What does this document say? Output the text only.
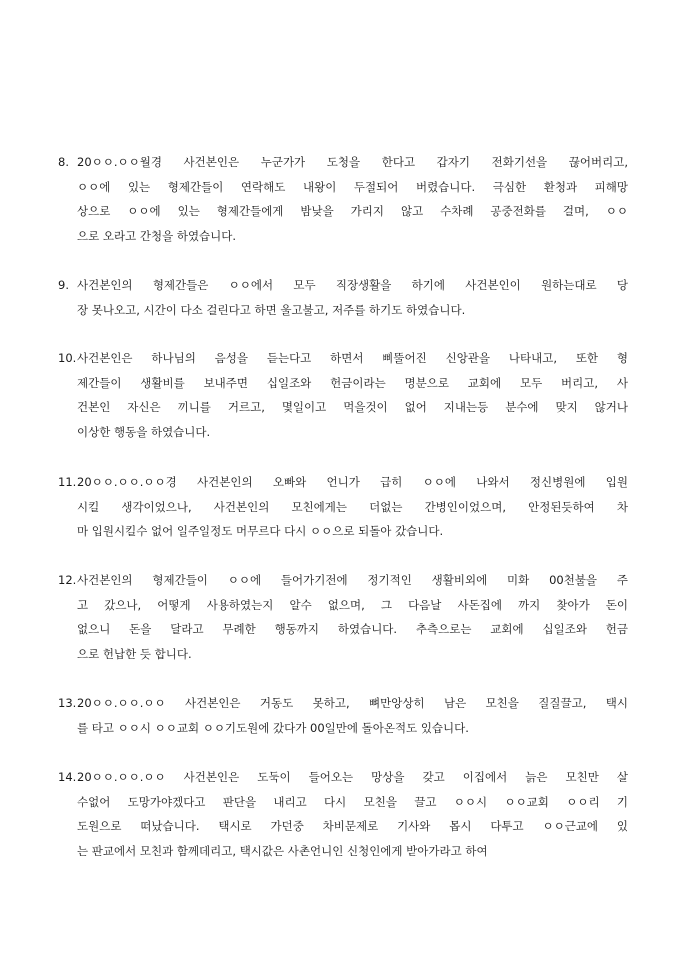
8. 20ㅇㅇ.ㅇㅇ월경 사건본인은 누군가가 도청을 한다고 갑자기 전화기선을 끊어버리고,
ㅇㅇ에 있는 형제간들이 연락해도 내왕이 두절되어 버렸습니다. 극심한 환청과 피해망
상으로 ㅇㅇ에 있는 형제간들에게 밤낮을 가리지 않고 수차례 공중전화를 걸며, ㅇㅇ
으로 오라고 간청을 하였습니다.
9. 사건본인의 형제간들은 ㅇㅇ에서 모두 직장생활을 하기에 사건본인이 원하는대로 당
장 못나오고, 시간이 다소 걸린다고 하면 울고불고, 저주를 하기도 하였습니다.
10. 사건본인은 하나님의 음성을 듣는다고 하면서 삐뚤어진 신앙관을 나타내고, 또한 형
제간들이 생활비를 보내주면 십일조와 헌금이라는 명분으로 교회에 모두 버리고, 사
건본인 자신은 끼니를 거르고, 몇일이고 먹을것이 없어 지내는등 분수에 맞지 않거나
이상한 행동을 하였습니다.
11. 20ㅇㅇ.ㅇㅇ.ㅇㅇ경 사건본인의 오빠와 언니가 급히 ㅇㅇ에 나와서 정신병원에 입원
시킬 생각이었으나, 사건본인의 모친에게는 더없는 간병인이었으며, 안정된듯하여 차
마 입원시킬수 없어 일주일정도 머무르다 다시 ㅇㅇ으로 되돌아 갔습니다.
12. 사건본인의 형제간들이 ㅇㅇ에 들어가기전에 정기적인 생활비외에 미화 00천불을 주
고 갔으나, 어떻게 사용하였는지 알수 없으며, 그 다음날 사돈집에 까지 찾아가 돈이
없으니 돈을 달라고 무례한 행동까지 하였습니다. 추측으로는 교회에 십일조와 헌금
으로 헌납한 듯 합니다.
13. 20ㅇㅇ.ㅇㅇ.ㅇㅇ 사건본인은 거동도 못하고, 뼈만앙상히 남은 모친을 질질끌고, 택시
를 타고 ㅇㅇ시 ㅇㅇ교회 ㅇㅇ기도원에 갔다가 00일만에 돌아온적도 있습니다.
14. 20ㅇㅇ.ㅇㅇ.ㅇㅇ 사건본인은 도둑이 들어오는 망상을 갖고 이집에서 늙은 모친만 살
수없어 도망가야겠다고 판단을 내리고 다시 모친을 끌고 ㅇㅇ시 ㅇㅇ교회 ㅇㅇ리 기
도원으로 떠났습니다. 택시로 가던중 차비문제로 기사와 몹시 다투고 ㅇㅇ근교에 있
는 판교에서 모친과 함께데리고, 택시값은 사촌언니인 신청인에게 받아가라고 하여
